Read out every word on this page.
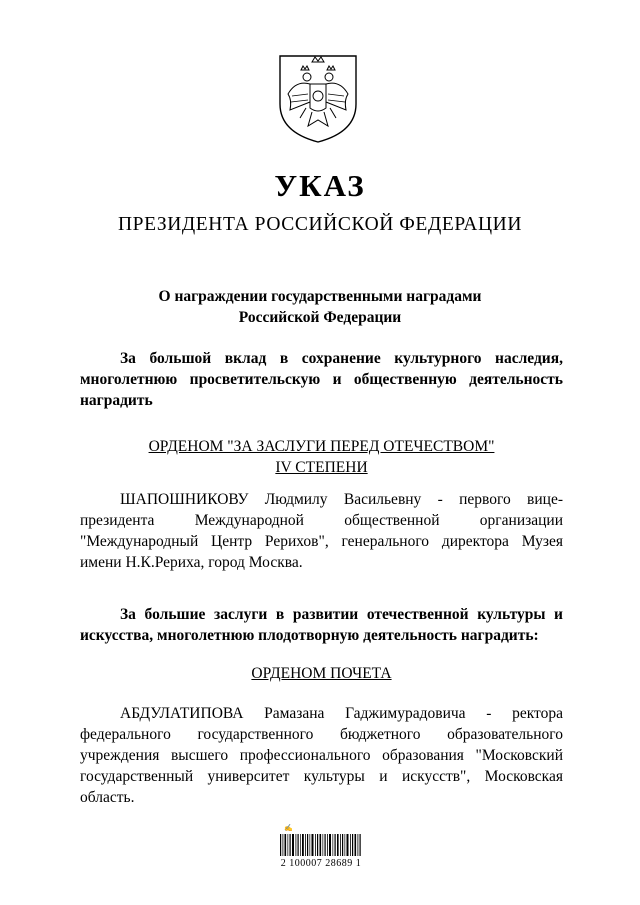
УКАЗ
ПРЕЗИДЕНТА РОССИЙСКОЙ ФЕДЕРАЦИИ
О награждении государственными наградами
Российской Федерации
За большой вклад в сохранение культурного наследия, многолетнюю просветительскую и общественную деятельность наградить
ОРДЕНОМ "ЗА ЗАСЛУГИ ПЕРЕД ОТЕЧЕСТВОМ"
IV СТЕПЕНИ
ШАПОШНИКОВУ Людмилу Васильевну - первого вице-президента Международной общественной организации "Международный Центр Рерихов", генерального директора Музея имени Н.К.Рериха, город Москва.
За большие заслуги в развитии отечественной культуры и искусства, многолетнюю плодотворную деятельность наградить:
ОРДЕНОМ ПОЧЕТА
АБДУЛАТИПОВА Рамазана Гаджимурадовича - ректора федерального государственного бюджетного образовательного учреждения высшего профессионального образования "Московский государственный университет культуры и искусств", Московская область.
✍
2 100007 28689 1
